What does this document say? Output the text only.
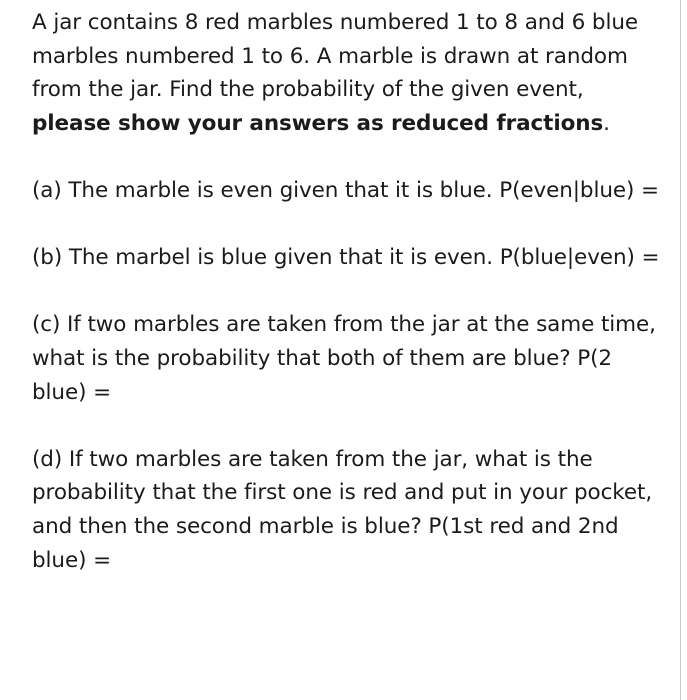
A jar contains 8 red marbles numbered 1 to 8 and 6 blue marbles numbered 1 to 6. A marble is drawn at random from the jar. Find the probability of the given event, please show your answers as reduced fractions.

(a) The marble is even given that it is blue. P(even|blue) =

(b) The marbel is blue given that it is even. P(blue|even) =

(c) If two marbles are taken from the jar at the same time, what is the probability that both of them are blue? P(2 blue) =

(d) If two marbles are taken from the jar, what is the probability that the first one is red and put in your pocket, and then the second marble is blue? P(1st red and 2nd blue) =
